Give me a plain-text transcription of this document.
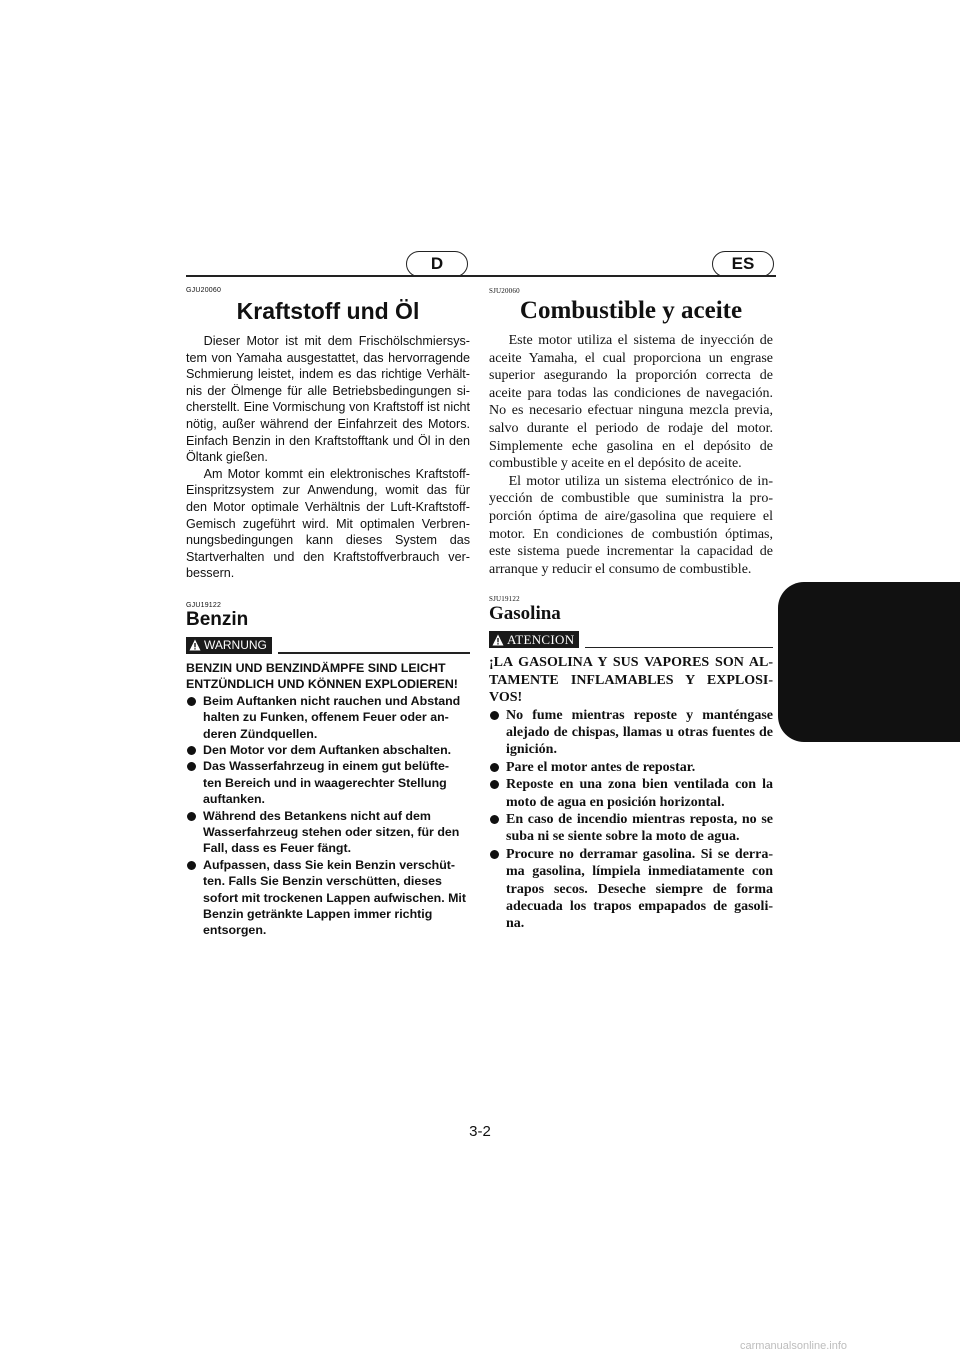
D	ES

GJU20060

Kraftstoff und Öl

Dieser Motor ist mit dem Frischölschmiersys- tem von Yamaha ausgestattet, das hervorragende Schmierung leistet, indem es das richtige Verhält- nis der Ölmenge für alle Betriebsbedingungen si- cherstellt. Eine Vormischung von Kraftstoff ist nicht nötig, außer während der Einfahrzeit des Motors. Einfach Benzin in den Kraftstofftank und Öl in den Öltank gießen.

Am Motor kommt ein elektronisches Kraftstoff- Einspritzsystem zur Anwendung, womit das für den Motor optimale Verhältnis der Luft-Kraftstoff- Gemisch zugeführt wird. Mit optimalen Verbren- nungsbedingungen kann dieses System das Startverhalten und den Kraftstoffverbrauch ver- bessern.

GJU19122

Benzin
WARNUNG

BENZIN UND BENZINDÄMPFE SIND LEICHT ENTZÜNDLICH UND KÖNNEN EXPLODIEREN!

Beim Auftanken nicht rauchen und Abstand halten zu Funken, offenem Feuer oder an- deren Zündquellen.
Den Motor vor dem Auftanken abschalten.
Das Wasserfahrzeug in einem gut belüfte- ten Bereich und in waagerechter Stellung auftanken.
Während des Betankens nicht auf dem Wasserfahrzeug stehen oder sitzen, für den Fall, dass es Feuer fängt.
Aufpassen, dass Sie kein Benzin verschüt- ten. Falls Sie Benzin verschütten, dieses sofort mit trockenen Lappen aufwischen. Mit Benzin getränkte Lappen immer richtig entsorgen.

SJU20060

Combustible y aceite

Este motor utiliza el sistema de inyección de aceite Yamaha, el cual proporciona un engrase superior asegurando la proporción correcta de aceite para todas las condiciones de navegación. No es necesario efectuar ninguna mezcla previa, salvo durante el periodo de rodaje del motor. Simplemente eche gasolina en el depósito de combustible y aceite en el depósito de aceite.

El motor utiliza un sistema electrónico de in- yección de combustible que suministra la pro- porción óptima de aire/gasolina que requiere el motor. En condiciones de combustión óptimas, este sistema puede incrementar la capacidad de arranque y reducir el consumo de combustible.

SJU19122

Gasolina
ATENCION

¡LA GASOLINA Y SUS VAPORES SON AL- TAMENTE INFLAMABLES Y EXPLOSI- VOS!

No fume mientras reposte y manténgase alejado de chispas, llamas u otras fuentes de ignición.
Pare el motor antes de repostar.
Reposte en una zona bien ventilada con la moto de agua en posición horizontal.
En caso de incendio mientras reposta, no se suba ni se siente sobre la moto de agua.
Procure no derramar gasolina. Si se derra- ma gasolina, límpiela inmediatamente con trapos secos. Deseche siempre de forma adecuada los trapos empapados de gasoli- na.
3-2
carmanualsonline.info
